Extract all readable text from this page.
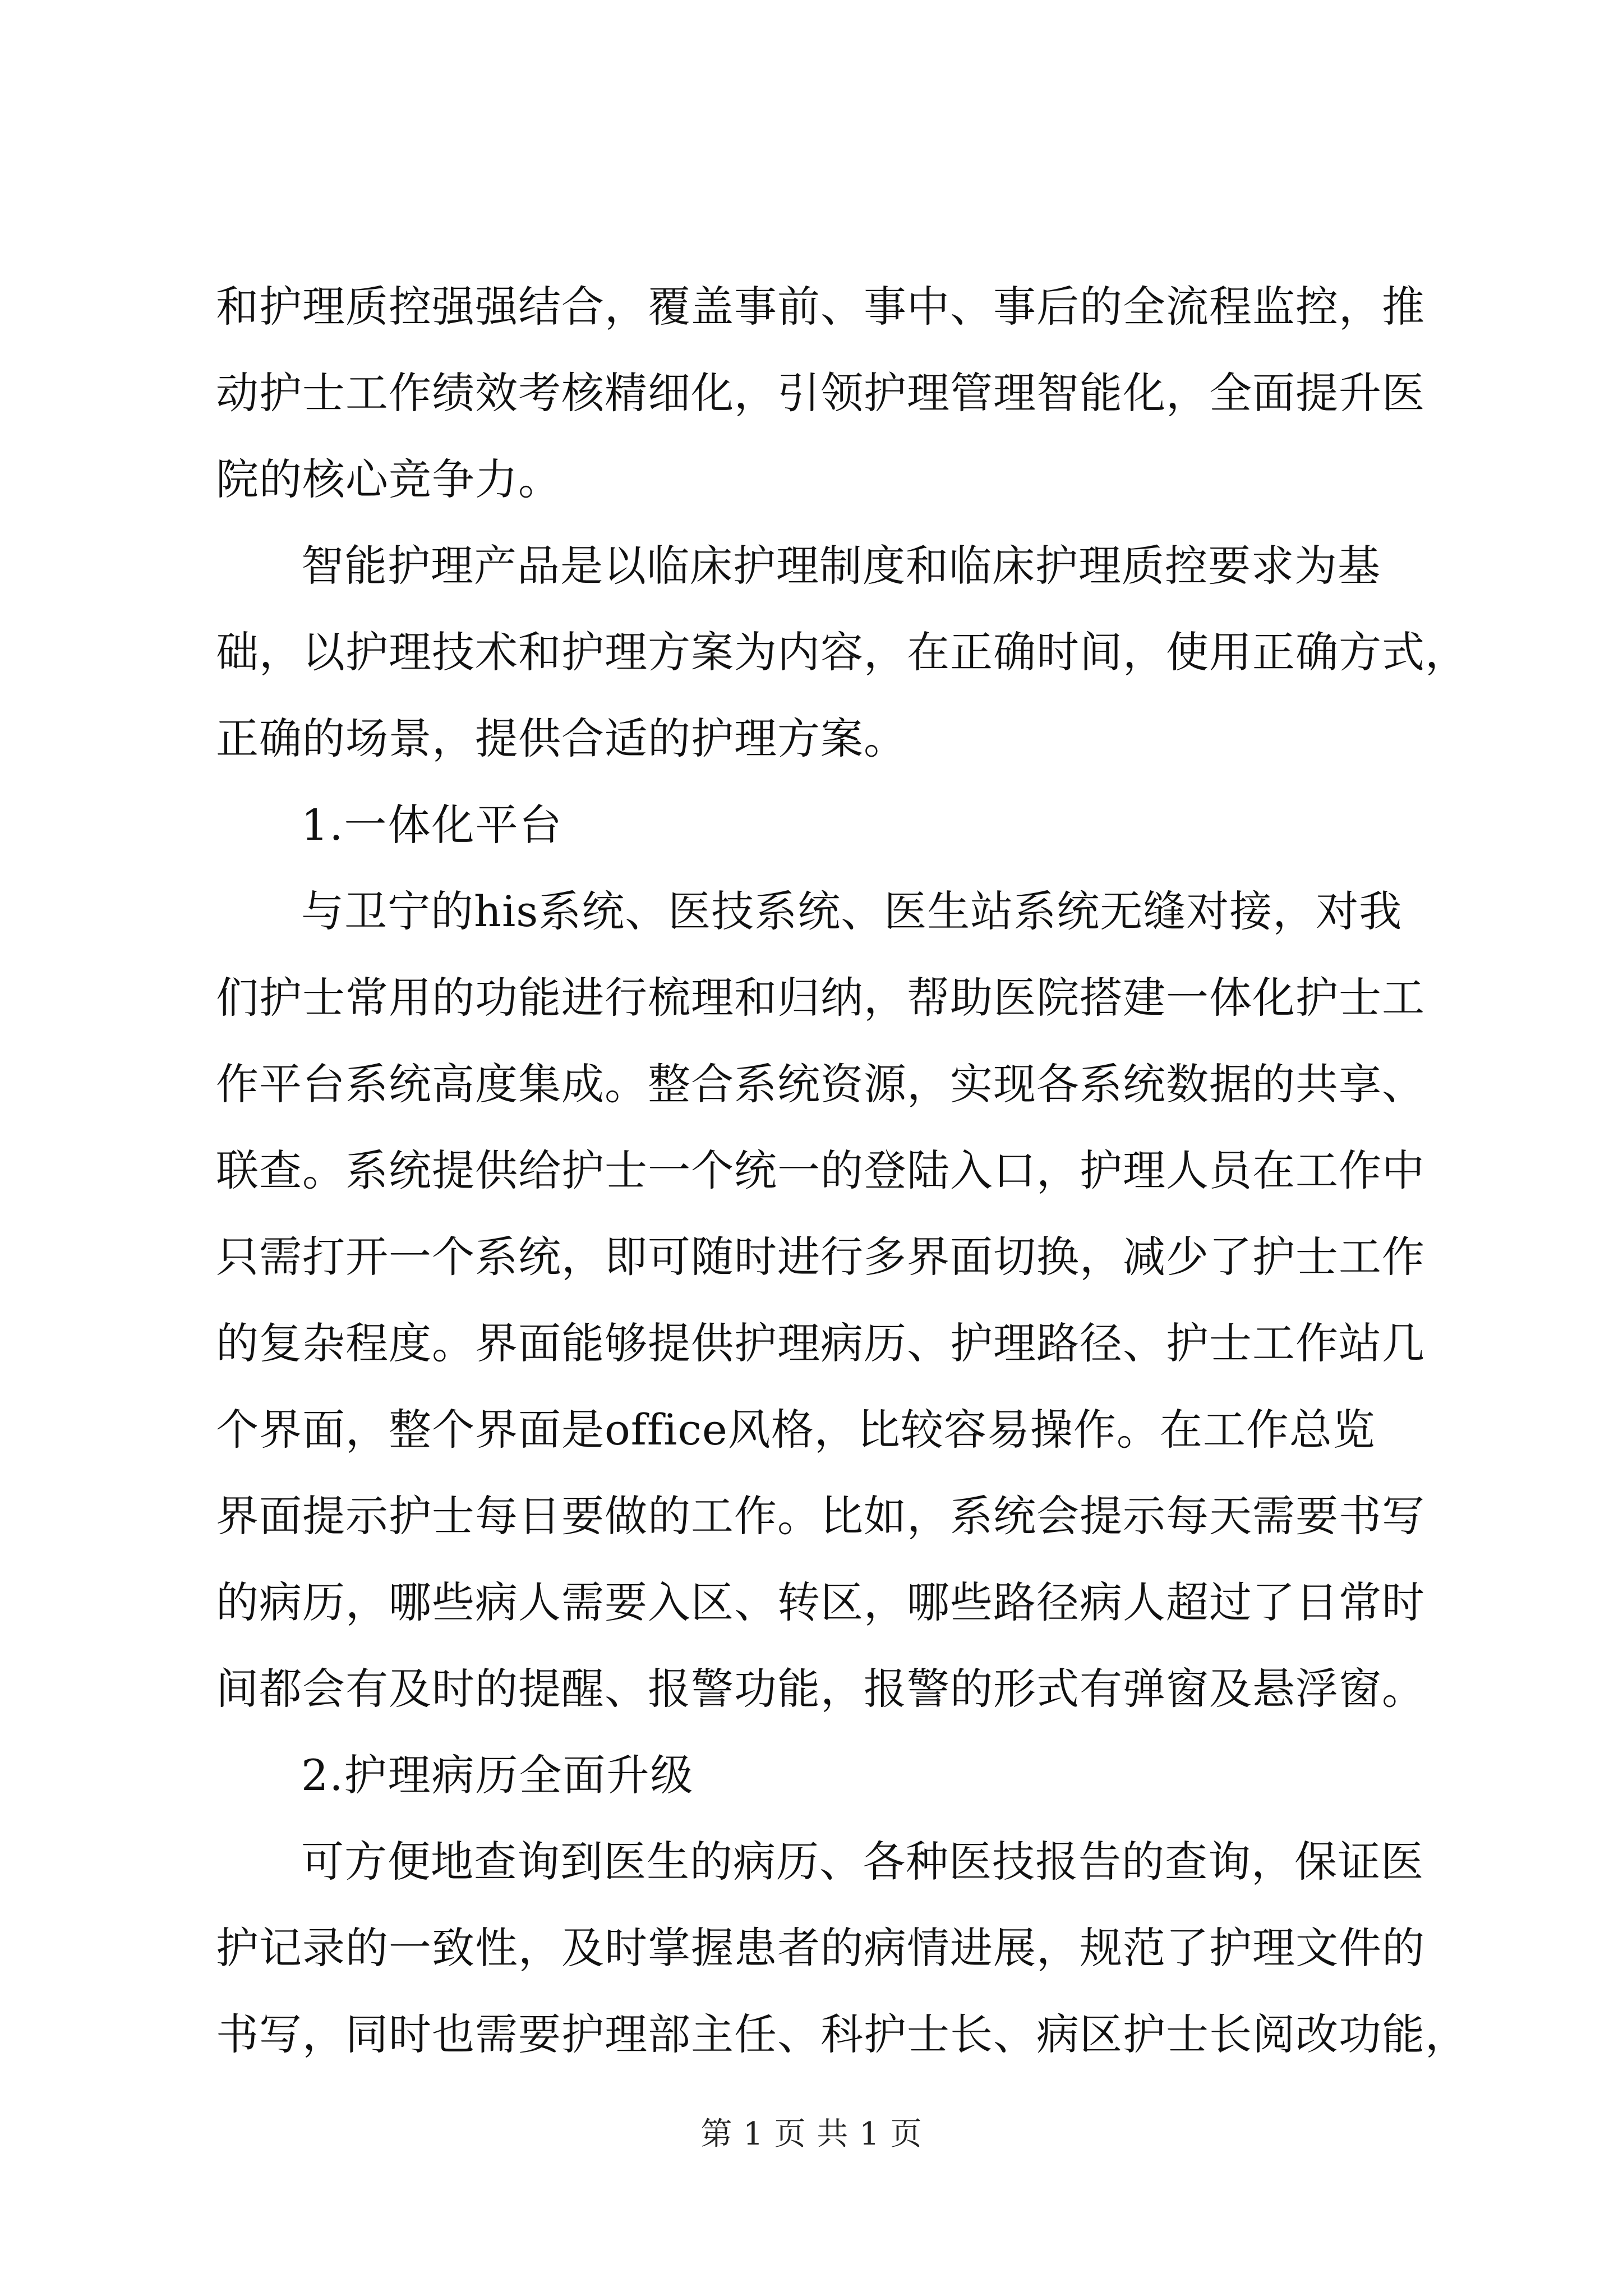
和护理质控强强结合，覆盖事前、事中、事后的全流程监控，推
动护士工作绩效考核精细化，引领护理管理智能化，全面提升医
院的核心竞争力。
智能护理产品是以临床护理制度和临床护理质控要求为基
础，以护理技术和护理方案为内容，在正确时间，使用正确方式，
正确的场景，提供合适的护理方案。
1.一体化平台
与卫宁的his系统、医技系统、医生站系统无缝对接，对我
们护士常用的功能进行梳理和归纳，帮助医院搭建一体化护士工
作平台系统高度集成。整合系统资源，实现各系统数据的共享、
联查。系统提供给护士一个统一的登陆入口，护理人员在工作中
只需打开一个系统，即可随时进行多界面切换，减少了护士工作
的复杂程度。界面能够提供护理病历、护理路径、护士工作站几
个界面，整个界面是office风格，比较容易操作。在工作总览
界面提示护士每日要做的工作。比如，系统会提示每天需要书写
的病历，哪些病人需要入区、转区，哪些路径病人超过了日常时
间都会有及时的提醒、报警功能，报警的形式有弹窗及悬浮窗。
2.护理病历全面升级
可方便地查询到医生的病历、各种医技报告的查询，保证医
护记录的一致性，及时掌握患者的病情进展，规范了护理文件的
书写，同时也需要护理部主任、科护士长、病区护士长阅改功能，
第 1 页 共 1 页
